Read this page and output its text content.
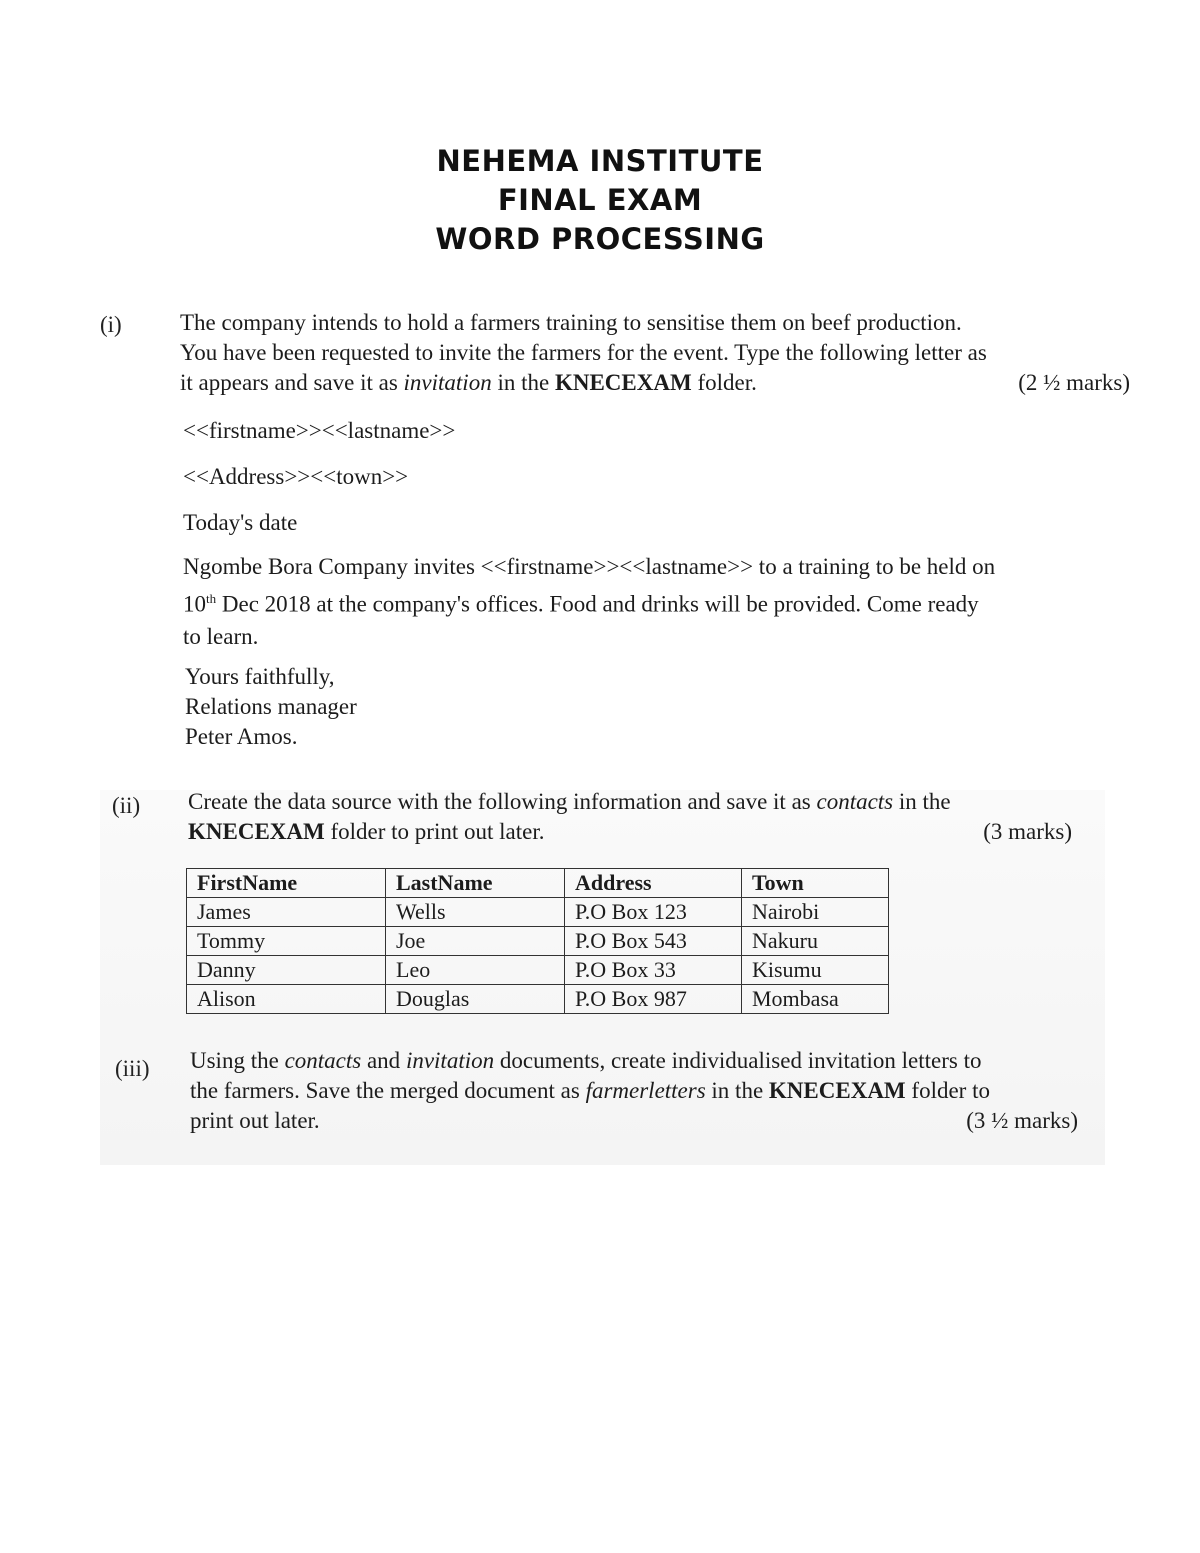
NEHEMA INSTITUTE
FINAL EXAM
WORD PROCESSING
(i)	The company intends to hold a farmers training to sensitise them on beef production.
You have been requested to invite the farmers for the event. Type the following letter as
it appears and save it as invitation in the KNECEXAM folder.	(2 ½ marks)
<<firstname>><<lastname>>
<<Address>><<town>>
Today's date
Ngombe Bora Company invites <<firstname>><<lastname>> to a training to be held on
10th Dec 2018 at the company's offices. Food and drinks will be provided. Come ready
to learn.
Yours faithfully,
Relations manager
Peter Amos.
(ii) Create the data source with the following information and save it as contacts in the
KNECEXAM folder to print out later.	(3 marks)
FirstName	LastName	Address	Town
James	Wells	P.O Box 123	Nairobi
Tommy	Joe	P.O Box 543	Nakuru
Danny	Leo	P.O Box 33	Kisumu
Alison	Douglas	P.O Box 987	Mombasa
(iii) Using the contacts and invitation documents, create individualised invitation letters to
the farmers. Save the merged document as farmerletters in the KNECEXAM folder to
print out later.	(3 ½ marks)
